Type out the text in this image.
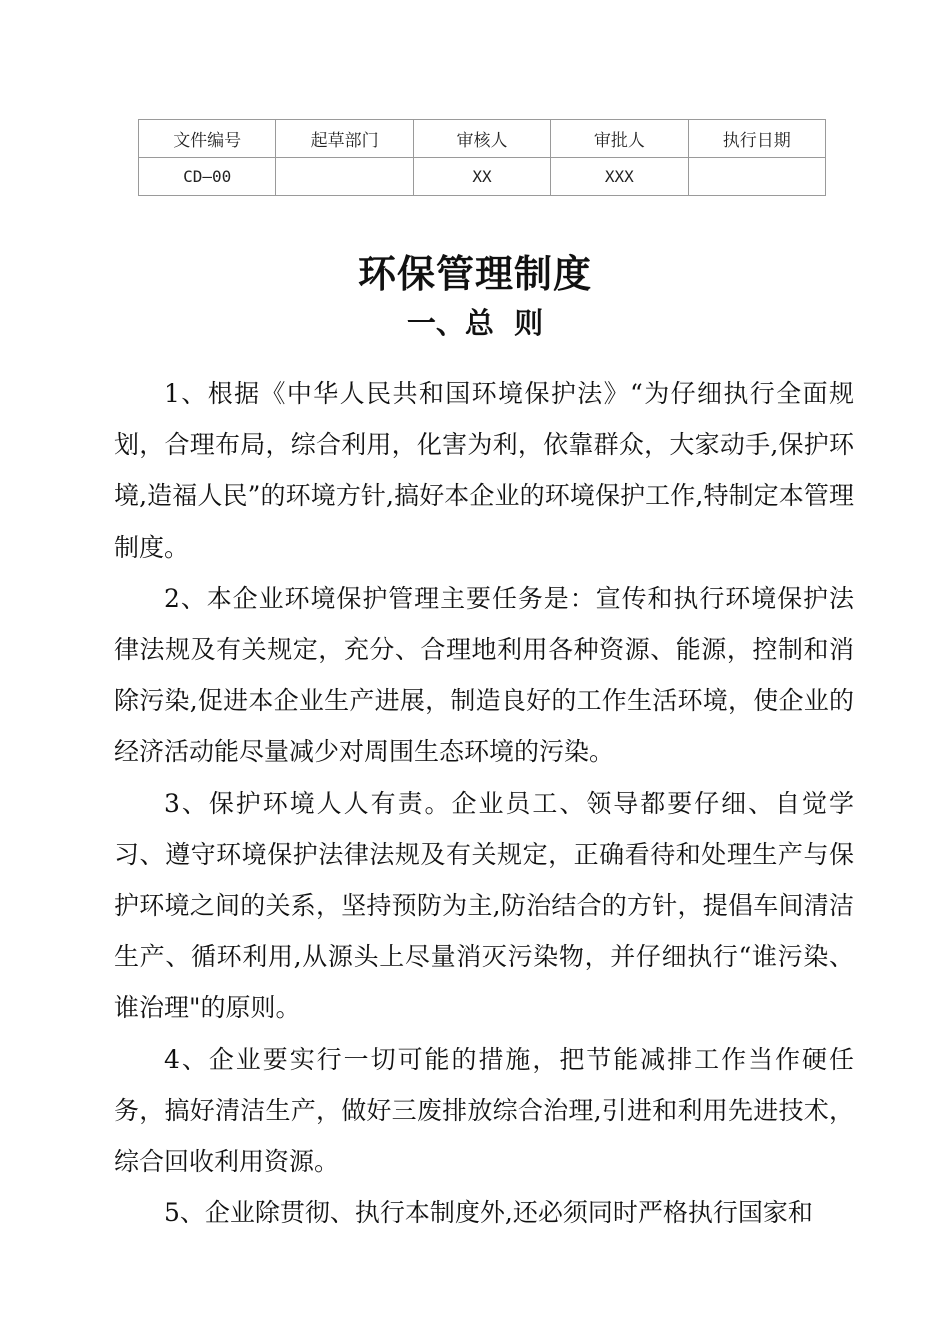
文件编号	起草部门	审核人	审批人	执行日期
CD—00		XX	XXX	
环保管理制度
一、总  则

1、根据《中华人民共和国环境保护法》“为仔细执行全面规划，合理布局，综合利用，化害为利，依靠群众，大家动手,保护环境,造福人民”的环境方针,搞好本企业的环境保护工作,特制定本管理制度。

2、本企业环境保护管理主要任务是：宣传和执行环境保护法律法规及有关规定，充分、合理地利用各种资源、能源，控制和消除污染,促进本企业生产进展，制造良好的工作生活环境，使企业的经济活动能尽量减少对周围生态环境的污染。

3、保护环境人人有责。企业员工、领导都要仔细、自觉学习、遵守环境保护法律法规及有关规定，正确看待和处理生产与保护环境之间的关系，坚持预防为主,防治结合的方针，提倡车间清洁生产、循环利用,从源头上尽量消灭污染物，并仔细执行“谁污染、谁治理"的原则。

4、企业要实行一切可能的措施，把节能减排工作当作硬任务，搞好清洁生产，做好三废排放综合治理,引进和利用先进技术，综合回收利用资源。

5、企业除贯彻、执行本制度外,还必须同时严格执行国家和
